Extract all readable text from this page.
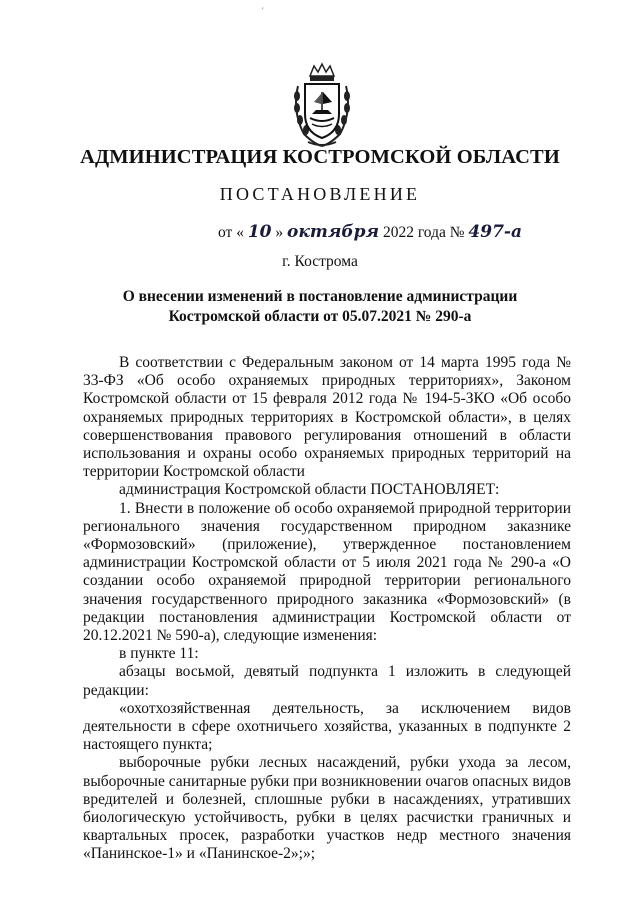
'
АДМИНИСТРАЦИЯ КОСТРОМСКОЙ ОБЛАСТИ
ПОСТАНОВЛЕНИЕ
от « 10 » октября 2022 года № 497-а
г. Кострома
О внесении изменений в постановление администрации
Костромской области от 05.07.2021 № 290-а

В соответствии с Федеральным законом от 14 марта 1995 года № 33-ФЗ «Об особо охраняемых природных территориях», Законом Костромской области от 15 февраля 2012 года № 194-5-ЗКО «Об особо охраняемых природных территориях в Костромской области», в целях совершенствования правового регулирования отношений в области использования и охраны особо охраняемых природных территорий на территории Костромской области

администрация Костромской области ПОСТАНОВЛЯЕТ:

1. Внести в положение об особо охраняемой природной территории регионального значения государственном природном заказнике «Формозовский» (приложение), утвержденное постановлением администрации Костромской области от 5 июля 2021 года № 290-а «О создании особо охраняемой природной территории регионального значения государственного природного заказника «Формозовский» (в редакции постановления администрации Костромской области от 20.12.2021 № 590-а), следующие изменения:

в пункте 11:

абзацы восьмой, девятый подпункта 1 изложить в следующей редакции:

«охотхозяйственная деятельность, за исключением видов деятельности в сфере охотничьего хозяйства, указанных в подпункте 2 настоящего пункта;

выборочные рубки лесных насаждений, рубки ухода за лесом, выборочные санитарные рубки при возникновении очагов опасных видов вредителей и болезней, сплошные рубки в насаждениях, утративших биологическую устойчивость, рубки в целях расчистки граничных и квартальных просек, разработки участков недр местного значения «Панинское-1» и «Панинское-2»;»;
